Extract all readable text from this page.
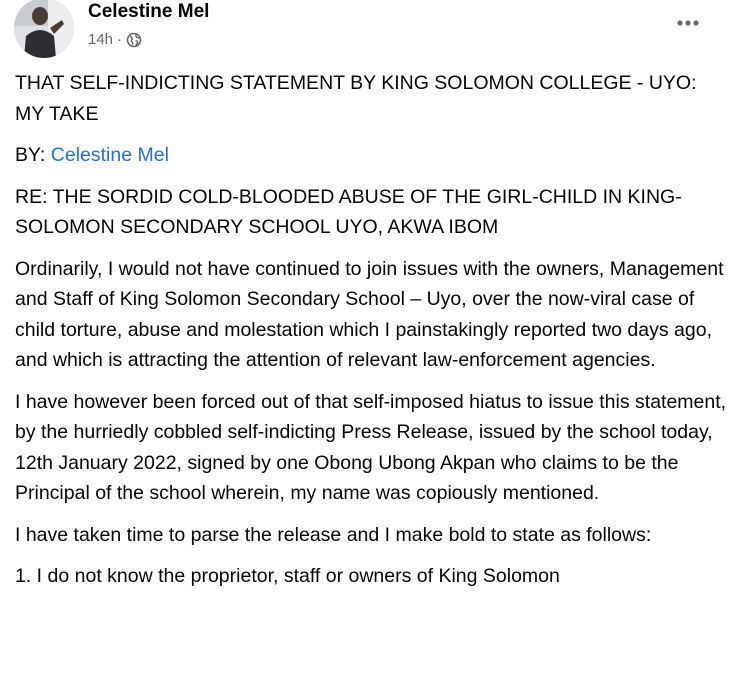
Celestine Mel
14h ·

THAT SELF-INDICTING STATEMENT BY KING SOLOMON COLLEGE - UYO: MY TAKE

BY: Celestine Mel

RE: THE SORDID COLD-BLOODED ABUSE OF THE GIRL-CHILD IN KING-SOLOMON SECONDARY SCHOOL UYO, AKWA IBOM

Ordinarily, I would not have continued to join issues with the owners, Management and Staff of King Solomon Secondary School – Uyo, over the now-viral case of child torture, abuse and molestation which I painstakingly reported two days ago, and which is attracting the attention of relevant law-enforcement agencies.

I have however been forced out of that self-imposed hiatus to issue this statement, by the hurriedly cobbled self-indicting Press Release, issued by the school today, 12th January 2022, signed by one Obong Ubong Akpan who claims to be the Principal of the school wherein, my name was copiously mentioned.

I have taken time to parse the release and I make bold to state as follows:

1. I do not know the proprietor, staff or owners of King Solomon
